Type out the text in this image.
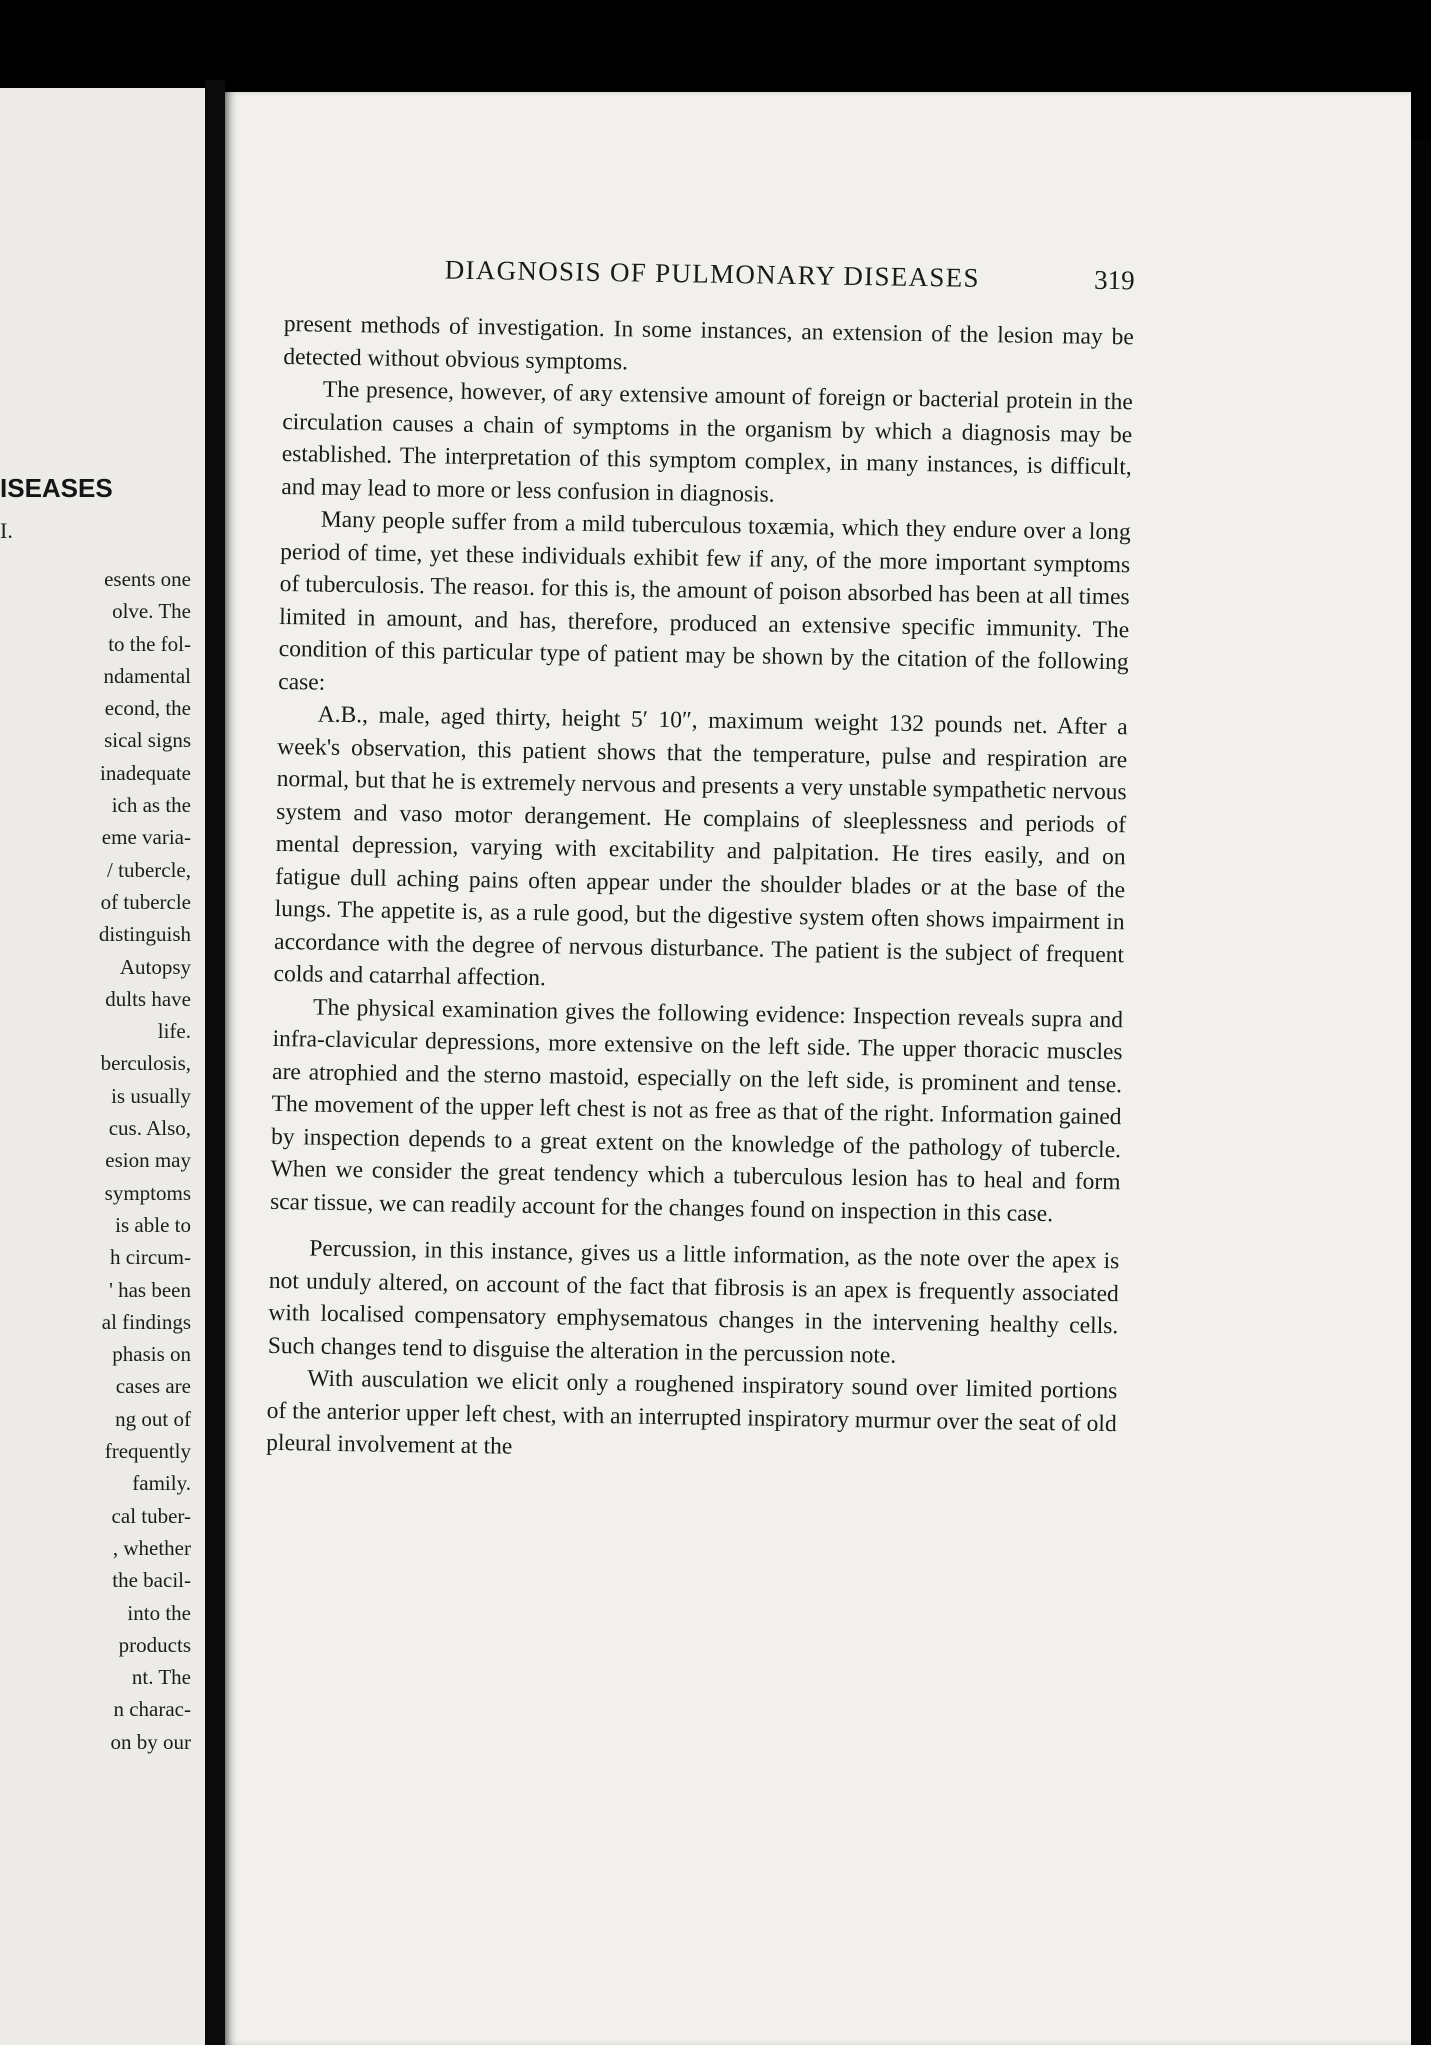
ISEASES
I.
esents one
olve. The
to the fol-
ndamental
econd, the
sical signs
inadequate
ich as the
eme varia-
/ tubercle,
of tubercle
distinguish
Autopsy
dults have
life.
berculosis,
is usually
cus. Also,
esion may
symptoms
is able to
h circum-
' has been
al findings
phasis on
cases are
ng out of
frequently
family.
cal tuber-
, whether
the bacil-
into the
products
nt. The
n charac-
on by our
DIAGNOSIS OF PULMONARY DISEASES	319

present methods of investigation. In some instances, an extension of the lesion may be detected without obvious symptoms.

The presence, however, of aʀy extensive amount of foreign or bacterial protein in the circulation causes a chain of symptoms in the organism by which a diagnosis may be established. The interpretation of this symptom complex, in many instances, is difficult, and may lead to more or less confusion in diagnosis.

Many people suffer from a mild tuberculous toxæmia, which they endure over a long period of time, yet these individuals exhibit few if any, of the more important symptoms of tuberculosis. The reasoı. for this is, the amount of poison absorbed has been at all times limited in amount, and has, therefore, produced an extensive specific immunity. The condition of this particular type of patient may be shown by the citation of the following case:

A.B., male, aged thirty, height 5′ 10″, maximum weight 132 pounds net. After a week's observation, this patient shows that the temperature, pulse and respiration are normal, but that he is extremely nervous and presents a very unstable sympathetic nervous system and vaso motoг derangement. He complains of sleeplessness and periods of mental depression, varying with excitability and palpitation. He tires easily, and on fatigue dull aching pains often appear under the shoulder blades or at the base of the lungs. The appetite is, as a rule good, but the digestive system often shows impairment in accordance with the degree of nervous disturbance. The patient is the subject of frequent colds and catarrhal affection.

The physical examination gives the following evidence: Inspection reveals supra and infra-clavicular depressions, more extensive on the left side. The upper thoracic muscles are atrophied and the sterno mastoid, especially on the left side, is prominent and tense. The movement of the upper left chest is not as free as that of the right. Information gained by inspection depends to a great extent on the knowledge of the pathology of tubercle. When we consider the great tendency which a tuberculous lesion has to heal and form scar tissue, we can readily account for the changes found on inspection in this case.

Percussion, in this instance, gives us a little information, as the note over the apex is not unduly altered, on account of the fact that fibrosis is an apex is frequently associated with localised compensatory emphysematous changes in the intervening healthy cells. Such changes tend to disguise the alteration in the percussion note.

With ausculation we elicit only a roughened inspiratory sound over limited portions of the anterior upper left chest, with an interrupted inspiratory murmur over the seat of old pleural involvement at the
